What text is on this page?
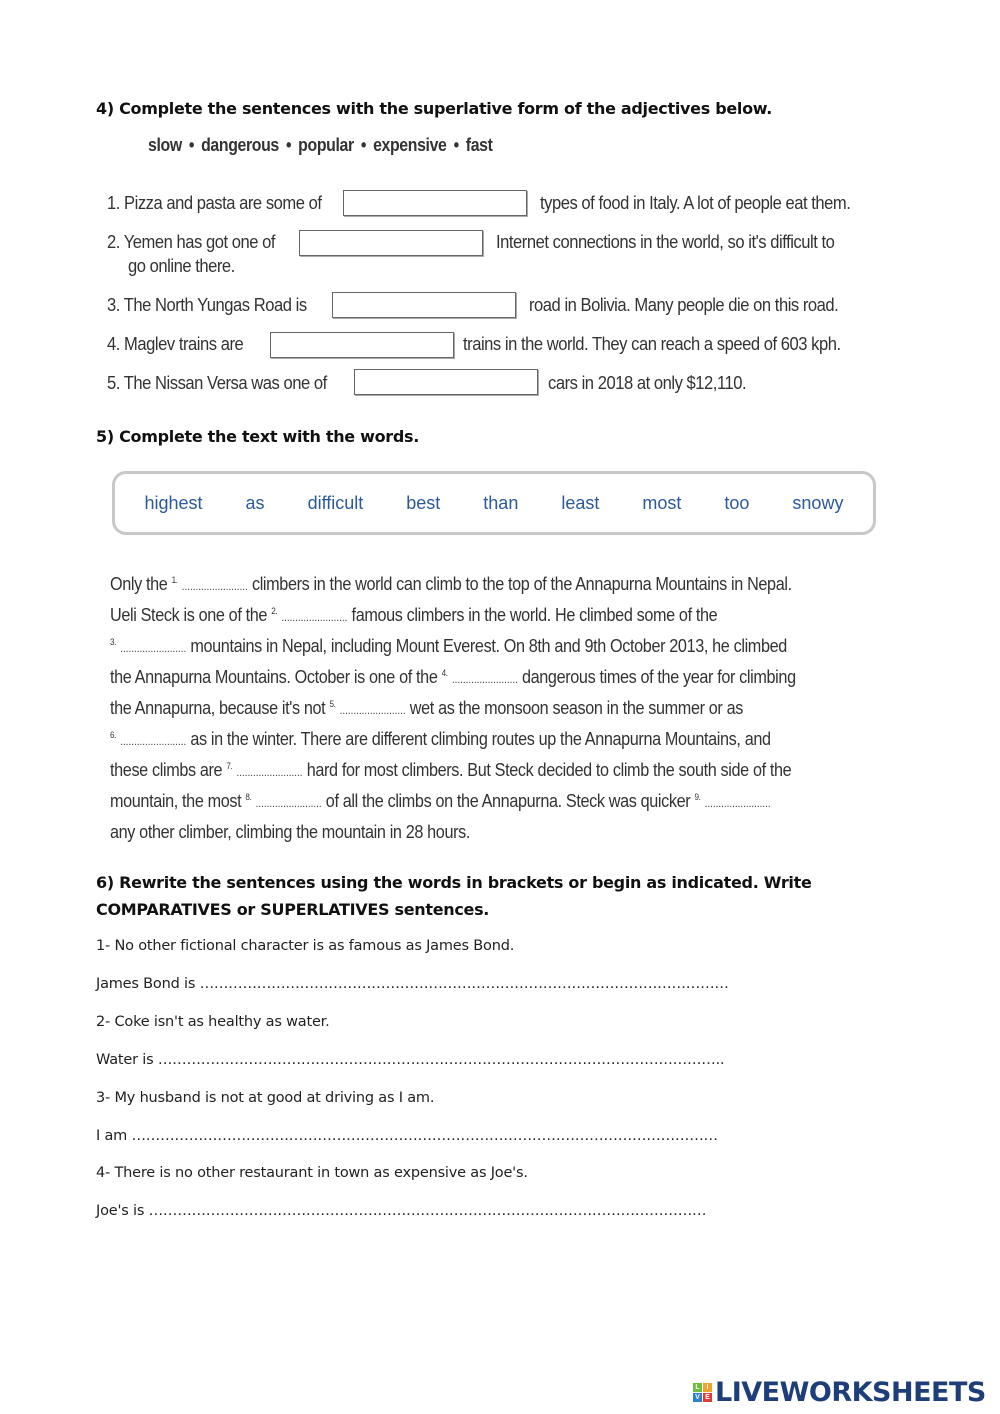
4) Complete the sentences with the superlative form of the adjectives below.
slow • dangerous • popular • expensive • fast
1. Pizza and pasta are some of	types of food in Italy. A lot of people eat them.
2. Yemen has got one of	Internet connections in the world, so it's difficult to
go online there.
3. The North Yungas Road is	road in Bolivia. Many people die on this road.
4. Maglev trains are	trains in the world. They can reach a speed of 603 kph.
5. The Nissan Versa was one of	cars in 2018 at only $12,110.
5) Complete the text with the words.
highest as difficult best than least most too snowy
6) Rewrite the sentences using the words in brackets or begin as indicated. Write
COMPARATIVES or SUPERLATIVES sentences.
1- No other fictional character is as famous as James Bond.
James Bond is …………………………………………………………………………………………………
2- Coke isn't as healthy as water.
Water is ………………………………………………………………………………………………………..
3- My husband is not at good at driving as I am.
I am ……………………………………………………………………………………………………………
4- There is no other restaurant in town as expensive as Joe's.
Joe's is ………………………………………………………………………………………………………
L I
V E LIVEWORKSHEETS
Only the $^{1.}$ ........................ climbers in the world can climb to the top of the Annapurna Mountains in Nepal.
Ueli Steck is one of the $^{2.}$ ........................ famous climbers in the world. He climbed some of the
$^{3.}$ ........................ mountains in Nepal, including Mount Everest. On 8th and 9th October 2013, he climbed
the Annapurna Mountains. October is one of the $^{4.}$ ........................ dangerous times of the year for climbing
the Annapurna, because it's not $^{5.}$ ........................ wet as the monsoon season in the summer or as
$^{6.}$ ........................ as in the winter. There are different climbing routes up the Annapurna Mountains, and
these climbs are $^{7.}$ ........................ hard for most climbers. But Steck decided to climb the south side of the
mountain, the most $^{8.}$ ........................ of all the climbs on the Annapurna. Steck was quicker $^{9.}$ ........................
any other climber, climbing the mountain in 28 hours.
